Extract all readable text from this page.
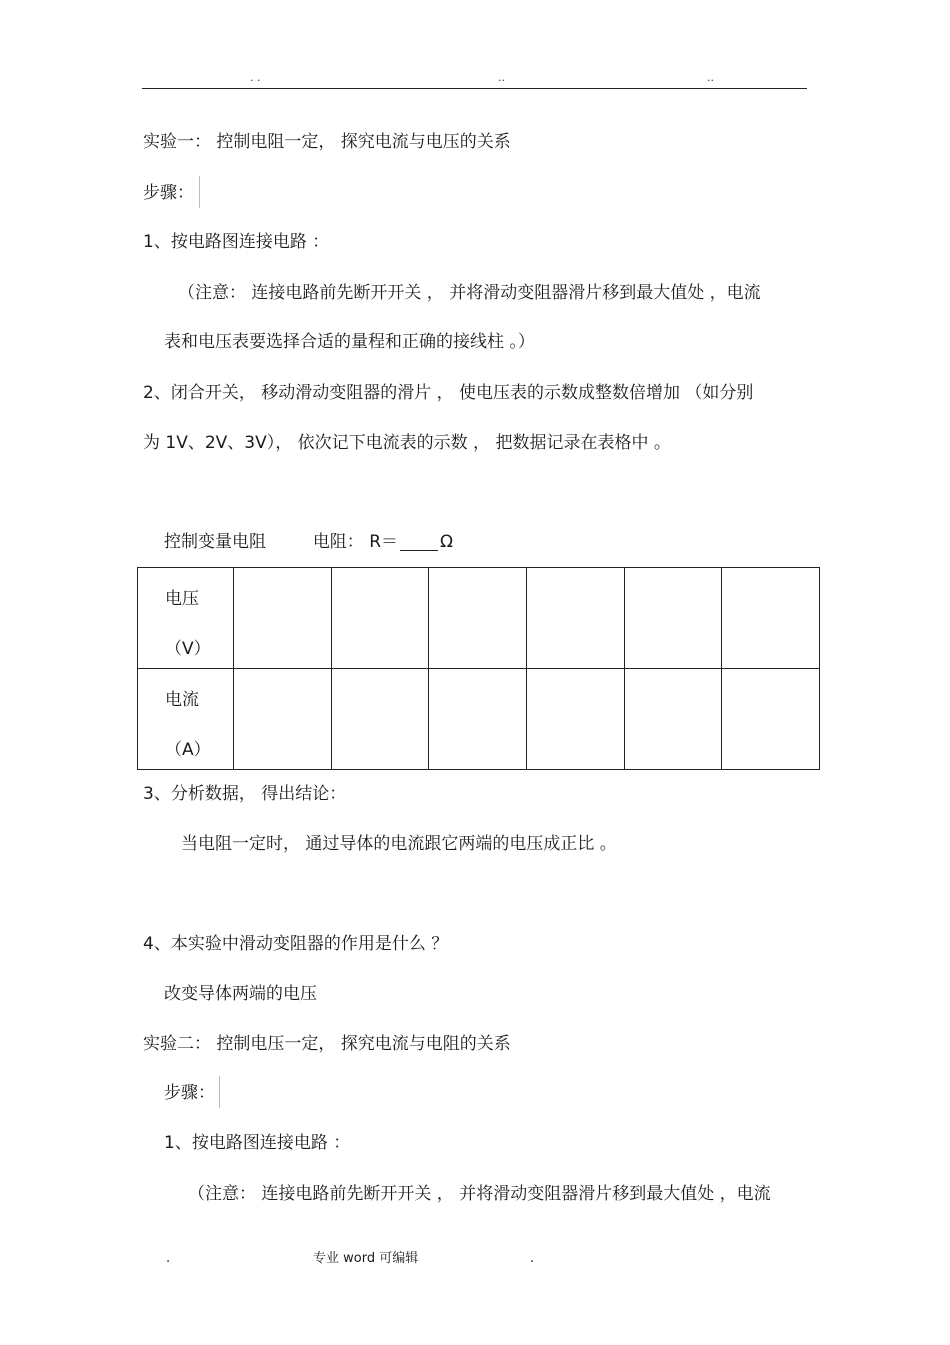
. .	..	..
实验一： 控制电阻一定， 探究电流与电压的关系
步骤：
1、按电路图连接电路 ：
（注意： 连接电路前先断开开关 ， 并将滑动变阻器滑片移到最大值处 ，电流
表和电压表要选择合适的量程和正确的接线柱 。）
2、闭合开关， 移动滑动变阻器的滑片 ， 使电压表的示数成整数倍增加 （如分别
为 1V、2V、3V）， 依次记下电流表的示数 ， 把数据记录在表格中 。
控制变量电阻	电阻： R＝ Ω
电压
（V）						

电流
（A）						

3、分析数据， 得出结论：
当电阻一定时， 通过导体的电流跟它两端的电压成正比 。
4、本实验中滑动变阻器的作用是什么 ？
改变导体两端的电压
实验二： 控制电压一定， 探究电流与电阻的关系
步骤：
1、按电路图连接电路 ：
（注意： 连接电路前先断开开关 ， 并将滑动变阻器滑片移到最大值处 ，电流
.	专业 word 可编辑	.
